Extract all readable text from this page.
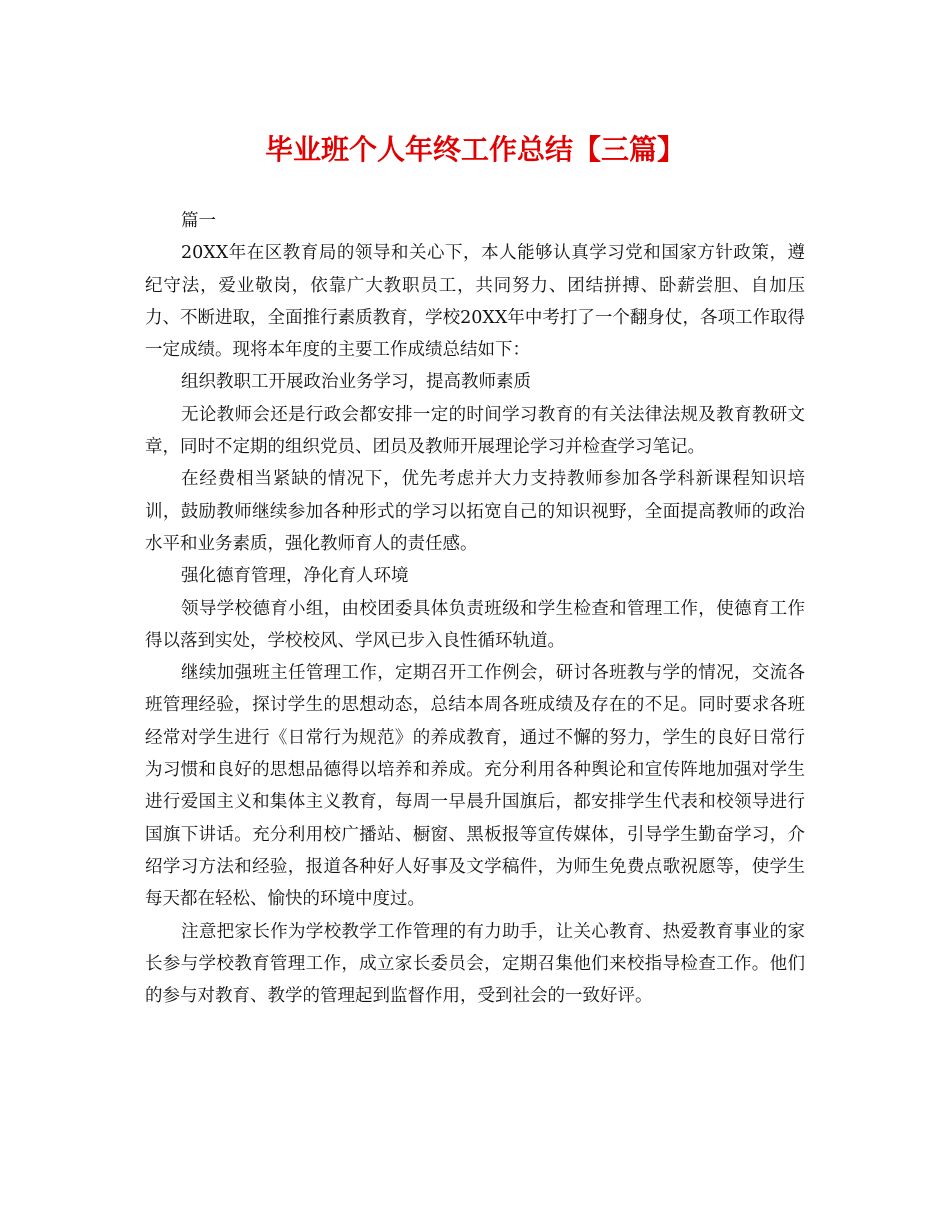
毕业班个人年终工作总结【三篇】

篇一

20XX年在区教育局的领导和关心下，本人能够认真学习党和国家方针政策，遵纪守法，爱业敬岗，依靠广大教职员工，共同努力、团结拼搏、卧薪尝胆、自加压力、不断进取，全面推行素质教育，学校20XX年中考打了一个翻身仗，各项工作取得一定成绩。现将本年度的主要工作成绩总结如下：

组织教职工开展政治业务学习，提高教师素质

无论教师会还是行政会都安排一定的时间学习教育的有关法律法规及教育教研文章，同时不定期的组织党员、团员及教师开展理论学习并检查学习笔记。

在经费相当紧缺的情况下，优先考虑并大力支持教师参加各学科新课程知识培训，鼓励教师继续参加各种形式的学习以拓宽自己的知识视野，全面提高教师的政治水平和业务素质，强化教师育人的责任感。

强化德育管理，净化育人环境

领导学校德育小组，由校团委具体负责班级和学生检查和管理工作，使德育工作得以落到实处，学校校风、学风已步入良性循环轨道。

继续加强班主任管理工作，定期召开工作例会，研讨各班教与学的情况，交流各班管理经验，探讨学生的思想动态，总结本周各班成绩及存在的不足。同时要求各班经常对学生进行《日常行为规范》的养成教育，通过不懈的努力，学生的良好日常行为习惯和良好的思想品德得以培养和养成。充分利用各种舆论和宣传阵地加强对学生进行爱国主义和集体主义教育，每周一早晨升国旗后，都安排学生代表和校领导进行国旗下讲话。充分利用校广播站、橱窗、黑板报等宣传媒体，引导学生勤奋学习，介绍学习方法和经验，报道各种好人好事及文学稿件，为师生免费点歌祝愿等，使学生每天都在轻松、愉快的环境中度过。

注意把家长作为学校教学工作管理的有力助手，让关心教育、热爱教育事业的家长参与学校教育管理工作，成立家长委员会，定期召集他们来校指导检查工作。他们的参与对教育、教学的管理起到监督作用，受到社会的一致好评。
